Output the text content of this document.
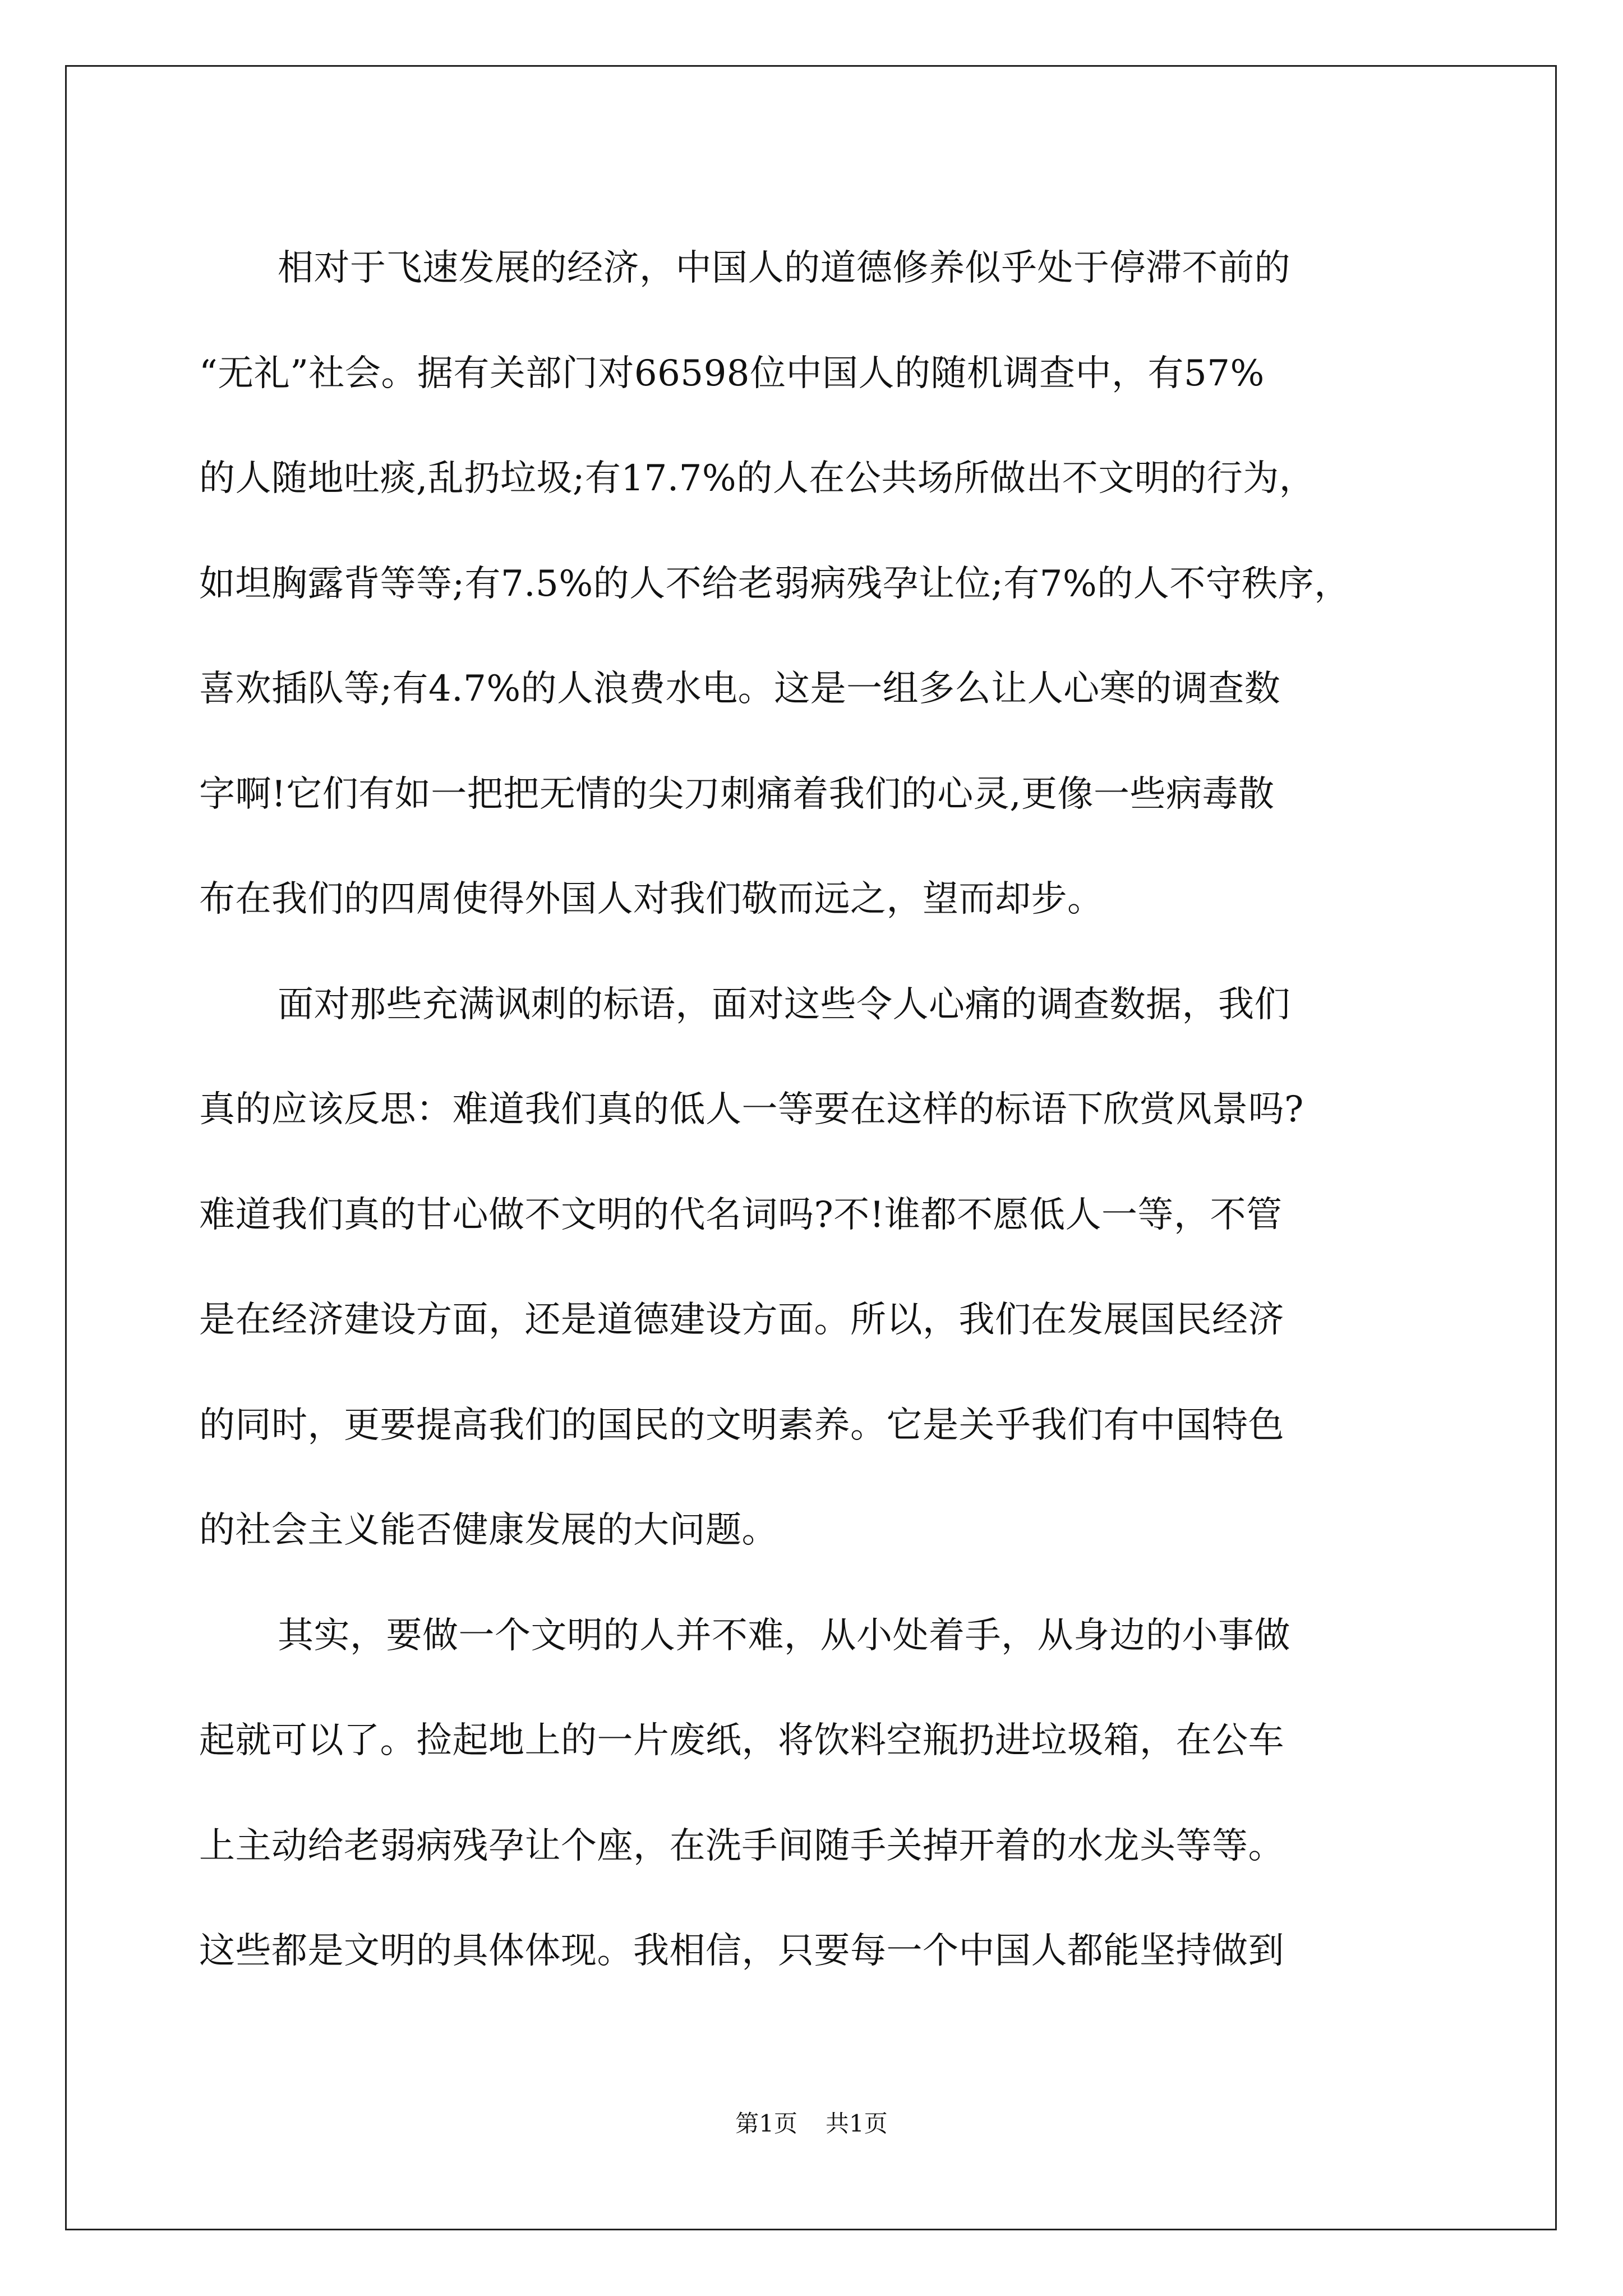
相对于飞速发展的经济，中国人的道德修养似乎处于停滞不前的
“无礼”社会。据有关部门对66598位中国人的随机调查中，有57%
的人随地吐痰,乱扔垃圾;有17.7%的人在公共场所做出不文明的行为，
如坦胸露背等等;有7.5%的人不给老弱病残孕让位;有7%的人不守秩序，
喜欢插队等;有4.7%的人浪费水电。这是一组多么让人心寒的调查数
字啊!它们有如一把把无情的尖刀刺痛着我们的心灵,更像一些病毒散
布在我们的四周使得外国人对我们敬而远之，望而却步。

面对那些充满讽刺的标语，面对这些令人心痛的调查数据，我们
真的应该反思：难道我们真的低人一等要在这样的标语下欣赏风景吗?
难道我们真的甘心做不文明的代名词吗?不!谁都不愿低人一等，不管
是在经济建设方面，还是道德建设方面。所以，我们在发展国民经济
的同时，更要提高我们的国民的文明素养。它是关乎我们有中国特色
的社会主义能否健康发展的大问题。

其实，要做一个文明的人并不难，从小处着手，从身边的小事做
起就可以了。捡起地上的一片废纸，将饮料空瓶扔进垃圾箱，在公车
上主动给老弱病残孕让个座，在洗手间随手关掉开着的水龙头等等。
这些都是文明的具体体现。我相信，只要每一个中国人都能坚持做到

第1页 共1页
